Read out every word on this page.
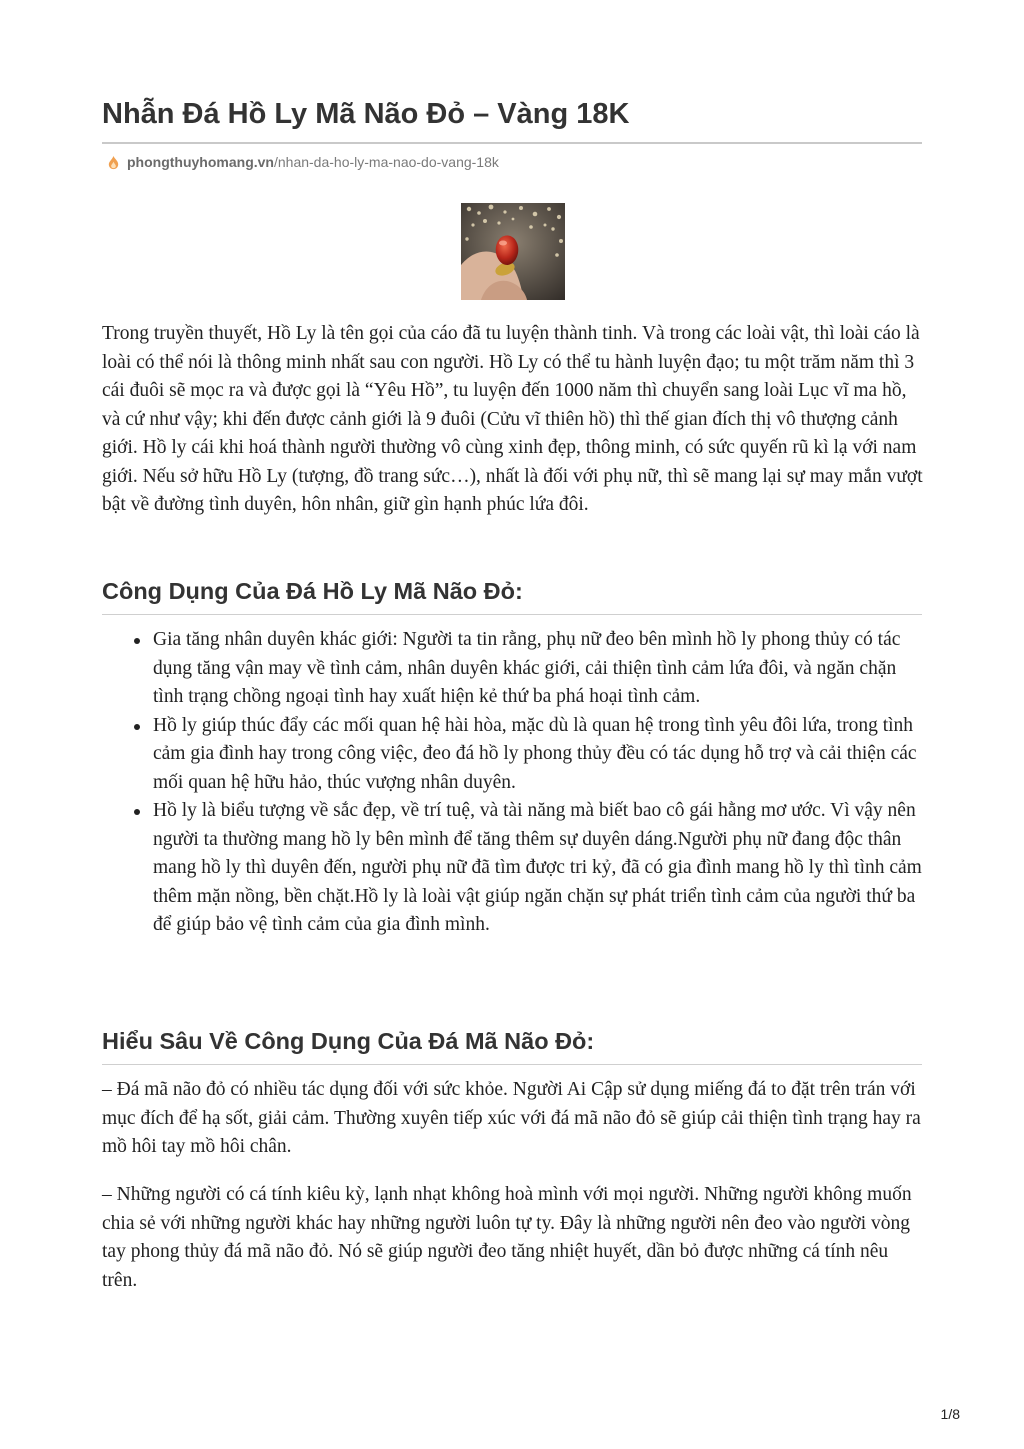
Nhẫn Đá Hồ Ly Mã Não Đỏ – Vàng 18K
phongthuyhomang.vn /nhan-da-ho-ly-ma-nao-do-vang-18k

Trong truyền thuyết, Hồ Ly là tên gọi của cáo đã tu luyện thành tinh. Và trong các loài vật, thì loài cáo là loài có thể nói là thông minh nhất sau con người. Hồ Ly có thể tu hành luyện đạo; tu một trăm năm thì 3 cái đuôi sẽ mọc ra và được gọi là “Yêu Hồ”, tu luyện đến 1000 năm thì chuyển sang loài Lục vĩ ma hồ, và cứ như vậy; khi đến được cảnh giới là 9 đuôi (Cửu vĩ thiên hồ) thì thế gian đích thị vô thượng cảnh giới. Hồ ly cái khi hoá thành người thường vô cùng xinh đẹp, thông minh, có sức quyến rũ kì lạ với nam giới. Nếu sở hữu Hồ Ly (tượng, đồ trang sức…), nhất là đối với phụ nữ, thì sẽ mang lại sự may mắn vượt bật về đường tình duyên, hôn nhân, giữ gìn hạnh phúc lứa đôi.

Công Dụng Của Đá Hồ Ly Mã Não Đỏ:
Gia tăng nhân duyên khác giới: Người ta tin rằng, phụ nữ đeo bên mình hồ ly phong thủy có tác dụng tăng vận may về tình cảm, nhân duyên khác giới, cải thiện tình cảm lứa đôi, và ngăn chặn tình trạng chồng ngoại tình hay xuất hiện kẻ thứ ba phá hoại tình cảm.
Hồ ly giúp thúc đẩy các mối quan hệ hài hòa, mặc dù là quan hệ trong tình yêu đôi lứa, trong tình cảm gia đình hay trong công việc, đeo đá hồ ly phong thủy đều có tác dụng hỗ trợ và cải thiện các mối quan hệ hữu hảo, thúc vượng nhân duyên.
Hồ ly là biểu tượng về sắc đẹp, về trí tuệ, và tài năng mà biết bao cô gái hằng mơ ước. Vì vậy nên người ta thường mang hồ ly bên mình để tăng thêm sự duyên dáng.Người phụ nữ đang độc thân mang hồ ly thì duyên đến, người phụ nữ đã tìm được tri kỷ, đã có gia đình mang hồ ly thì tình cảm thêm mặn nồng, bền chặt.Hồ ly là loài vật giúp ngăn chặn sự phát triển tình cảm của người thứ ba để giúp bảo vệ tình cảm của gia đình mình.
Hiểu Sâu Về Công Dụng Của Đá Mã Não Đỏ:

– Đá mã não đỏ có nhiều tác dụng đối với sức khỏe. Người Ai Cập sử dụng miếng đá to đặt trên trán với mục đích để hạ sốt, giải cảm. Thường xuyên tiếp xúc với đá mã não đỏ sẽ giúp cải thiện tình trạng hay ra mồ hôi tay mồ hôi chân.

– Những người có cá tính kiêu kỳ, lạnh nhạt không hoà mình với mọi người. Những người không muốn chia sẻ với những người khác hay những người luôn tự ty. Đây là những người nên đeo vào người vòng tay phong thủy đá mã não đỏ. Nó sẽ giúp người đeo tăng nhiệt huyết, dần bỏ được những cá tính nêu trên.

1/8
